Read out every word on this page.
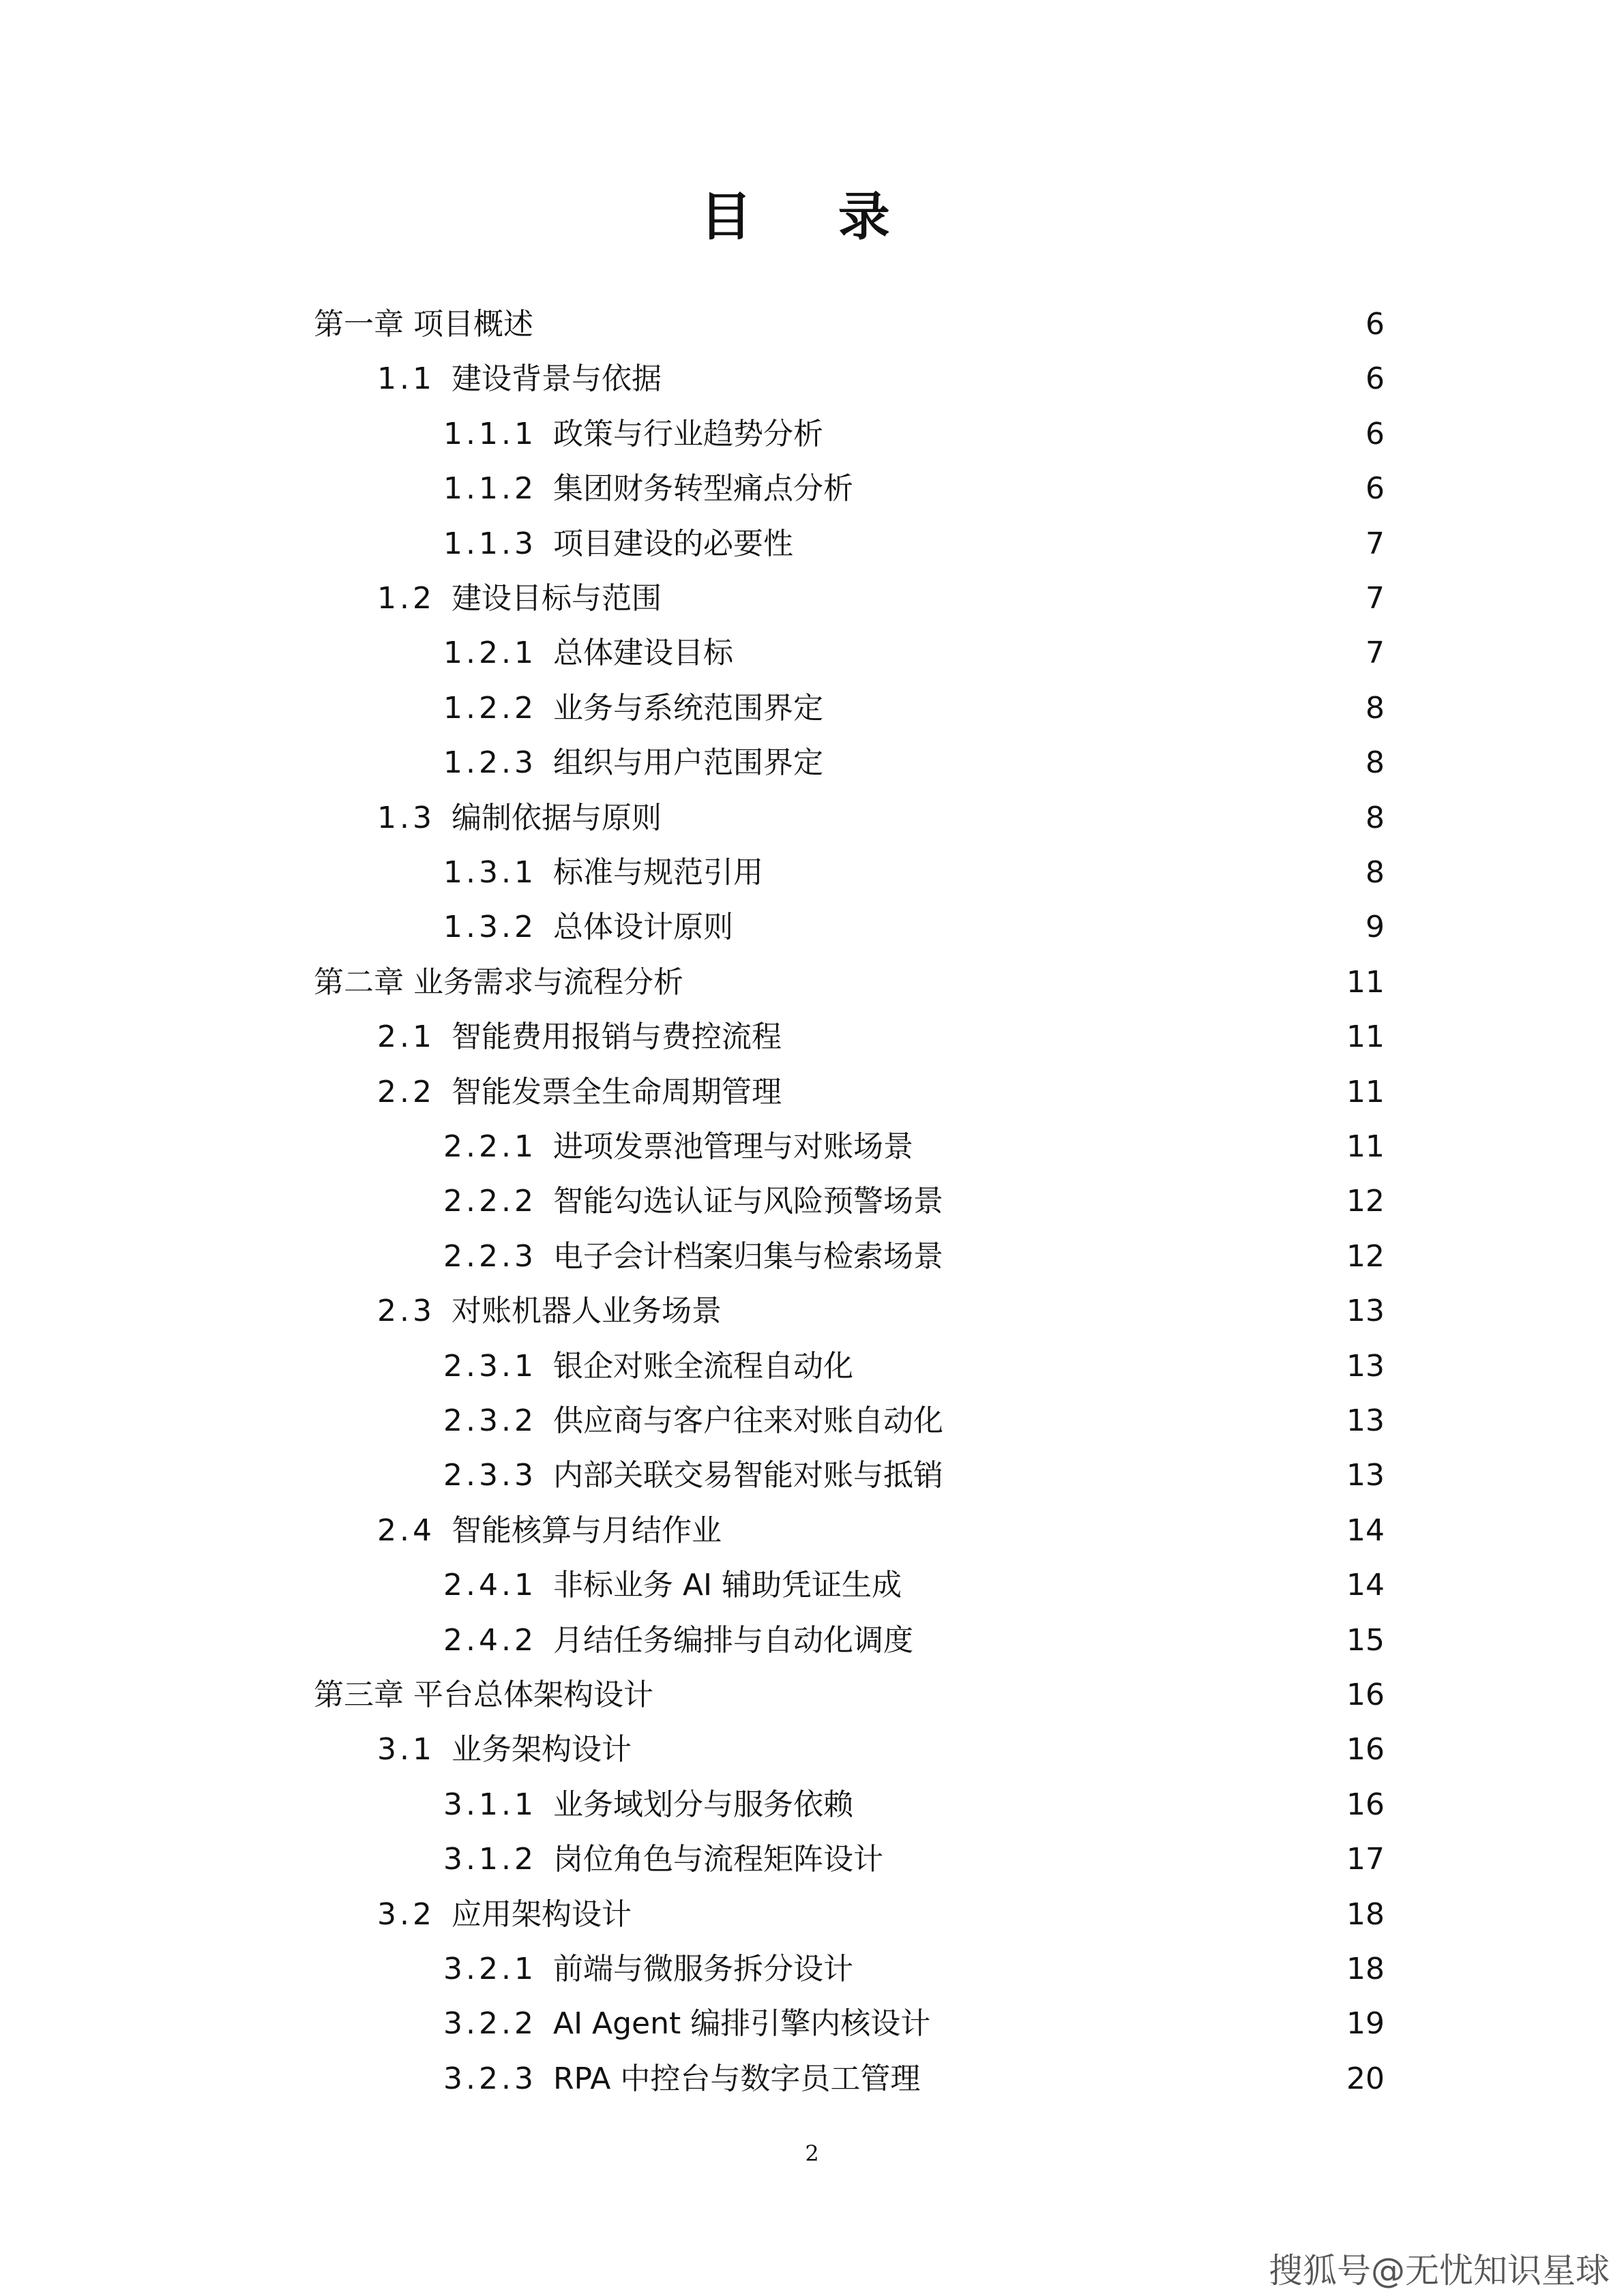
目 录
第一章 项目概述	6
1.1 建设背景与依据	6
1.1.1 政策与行业趋势分析	6
1.1.2 集团财务转型痛点分析	6
1.1.3 项目建设的必要性	7
1.2 建设目标与范围	7
1.2.1 总体建设目标	7
1.2.2 业务与系统范围界定	8
1.2.3 组织与用户范围界定	8
1.3 编制依据与原则	8
1.3.1 标准与规范引用	8
1.3.2 总体设计原则	9
第二章 业务需求与流程分析	11
2.1 智能费用报销与费控流程	11
2.2 智能发票全生命周期管理	11
2.2.1 进项发票池管理与对账场景	11
2.2.2 智能勾选认证与风险预警场景	12
2.2.3 电子会计档案归集与检索场景	12
2.3 对账机器人业务场景	13
2.3.1 银企对账全流程自动化	13
2.3.2 供应商与客户往来对账自动化	13
2.3.3 内部关联交易智能对账与抵销	13
2.4 智能核算与月结作业	14
2.4.1 非标业务 AI 辅助凭证生成	14
2.4.2 月结任务编排与自动化调度	15
第三章 平台总体架构设计	16
3.1 业务架构设计	16
3.1.1 业务域划分与服务依赖	16
3.1.2 岗位角色与流程矩阵设计	17
3.2 应用架构设计	18
3.2.1 前端与微服务拆分设计	18
3.2.2 AI Agent 编排引擎内核设计	19
3.2.3 RPA 中控台与数字员工管理	20
2
搜狐号@无忧知识星球
